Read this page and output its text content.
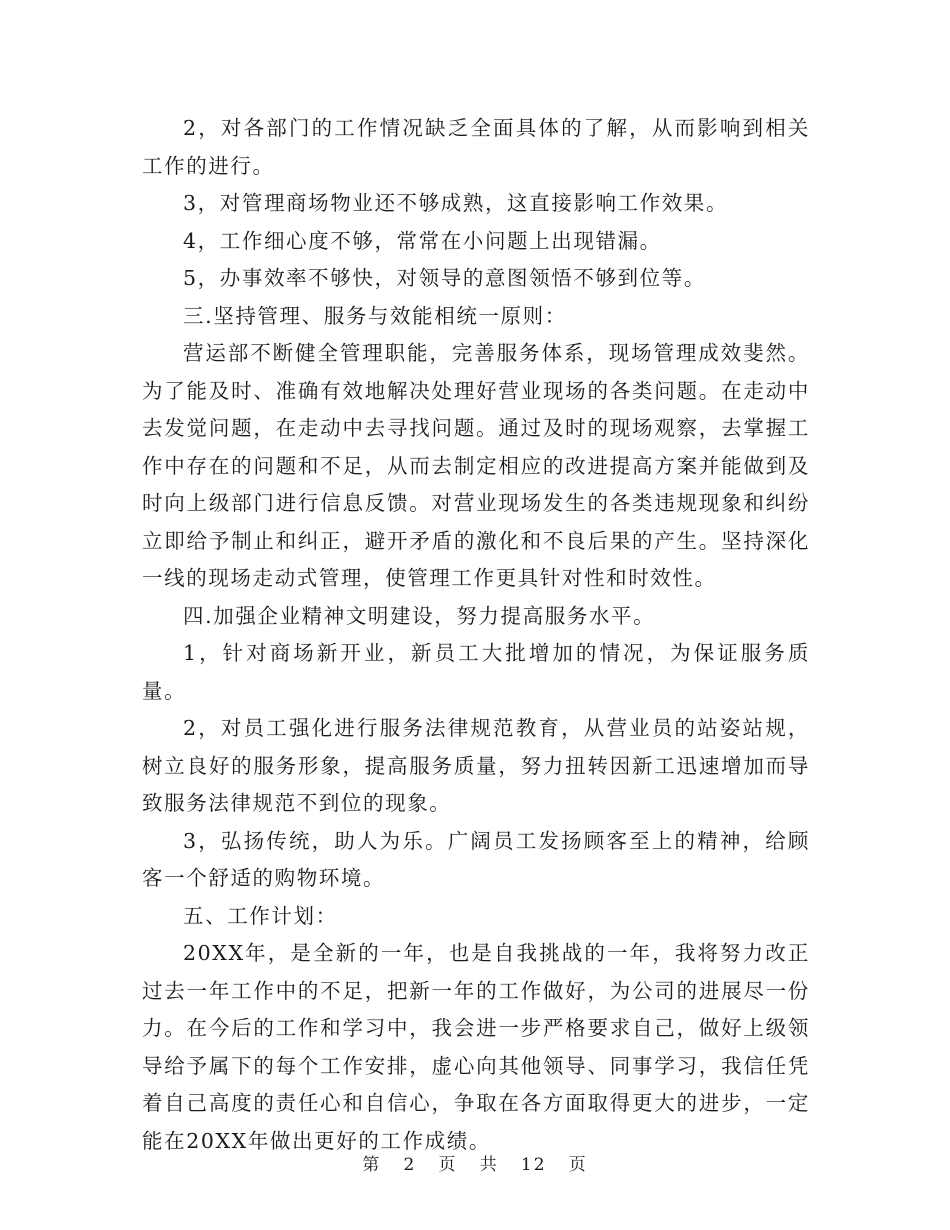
2，对各部门的工作情况缺乏全面具体的了解，从而影响到相关工作的进行。

3，对管理商场物业还不够成熟，这直接影响工作效果。

4，工作细心度不够，常常在小问题上出现错漏。

5，办事效率不够快，对领导的意图领悟不够到位等。

三.坚持管理、服务与效能相统一原则：

营运部不断健全管理职能，完善服务体系，现场管理成效斐然。为了能及时、准确有效地解决处理好营业现场的各类问题。在走动中去发觉问题，在走动中去寻找问题。通过及时的现场观察，去掌握工作中存在的问题和不足，从而去制定相应的改进提高方案并能做到及时向上级部门进行信息反馈。对营业现场发生的各类违规现象和纠纷立即给予制止和纠正，避开矛盾的激化和不良后果的产生。坚持深化一线的现场走动式管理，使管理工作更具针对性和时效性。

四.加强企业精神文明建设，努力提高服务水平。

1，针对商场新开业，新员工大批增加的情况，为保证服务质量。

2，对员工强化进行服务法律规范教育，从营业员的站姿站规，树立良好的服务形象，提高服务质量，努力扭转因新工迅速增加而导致服务法律规范不到位的现象。

3，弘扬传统，助人为乐。广阔员工发扬顾客至上的精神，给顾客一个舒适的购物环境。

五、工作计划：

20XX年，是全新的一年，也是自我挑战的一年，我将努力改正过去一年工作中的不足，把新一年的工作做好，为公司的进展尽一份力。在今后的工作和学习中，我会进一步严格要求自己，做好上级领导给予属下的每个工作安排，虚心向其他领导、同事学习，我信任凭着自己高度的责任心和自信心，争取在各方面取得更大的进步，一定能在20XX年做出更好的工作成绩。

第 2 页 共 12 页
